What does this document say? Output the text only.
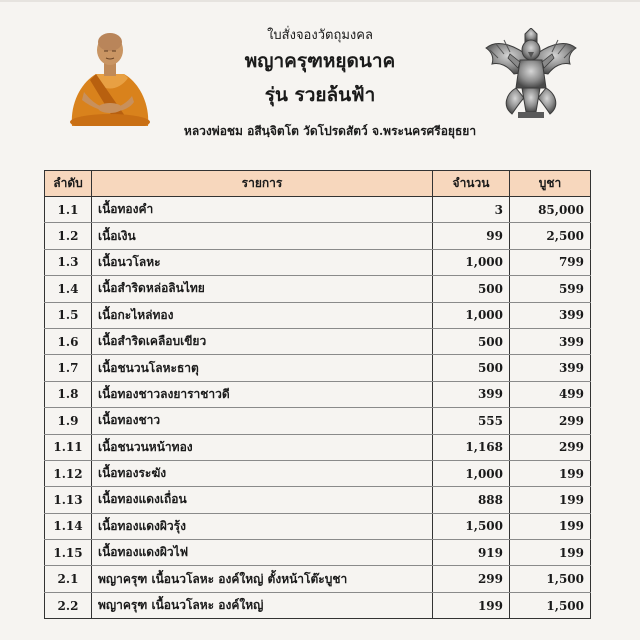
ใบสั่งจองวัตถุมงคล
พญาครุฑหยุดนาค
รุ่น รวยล้นฟ้า
หลวงพ่อชม อสีนฺจิตโต วัดโปรดสัตว์ จ.พระนครศรีอยุธยา
ลำดับ	รายการ	จำนวน	บูชา
1.1	เนื้อทองคำ	3	85,000
1.2	เนื้อเงิน	99	2,500
1.3	เนื้อนวโลหะ	1,000	799
1.4	เนื้อสำริดหล่อลินไทย	500	599
1.5	เนื้อกะไหล่ทอง	1,000	399
1.6	เนื้อสำริดเคลือบเขียว	500	399
1.7	เนื้อชนวนโลหะธาตุ	500	399
1.8	เนื้อทองชาวลงยาราชาวดี	399	499
1.9	เนื้อทองชาว	555	299
1.11	เนื้อชนวนหน้าทอง	1,168	299
1.12	เนื้อทองระฆัง	1,000	199
1.13	เนื้อทองแดงเถื่อน	888	199
1.14	เนื้อทองแดงผิวรุ้ง	1,500	199
1.15	เนื้อทองแดงผิวไฟ	919	199
2.1	พญาครุฑ เนื้อนวโลหะ องค์ใหญ่ ตั้งหน้าโต๊ะบูชา	299	1,500
2.2	พญาครุฑ เนื้อนวโลหะ องค์ใหญ่	199	1,500
